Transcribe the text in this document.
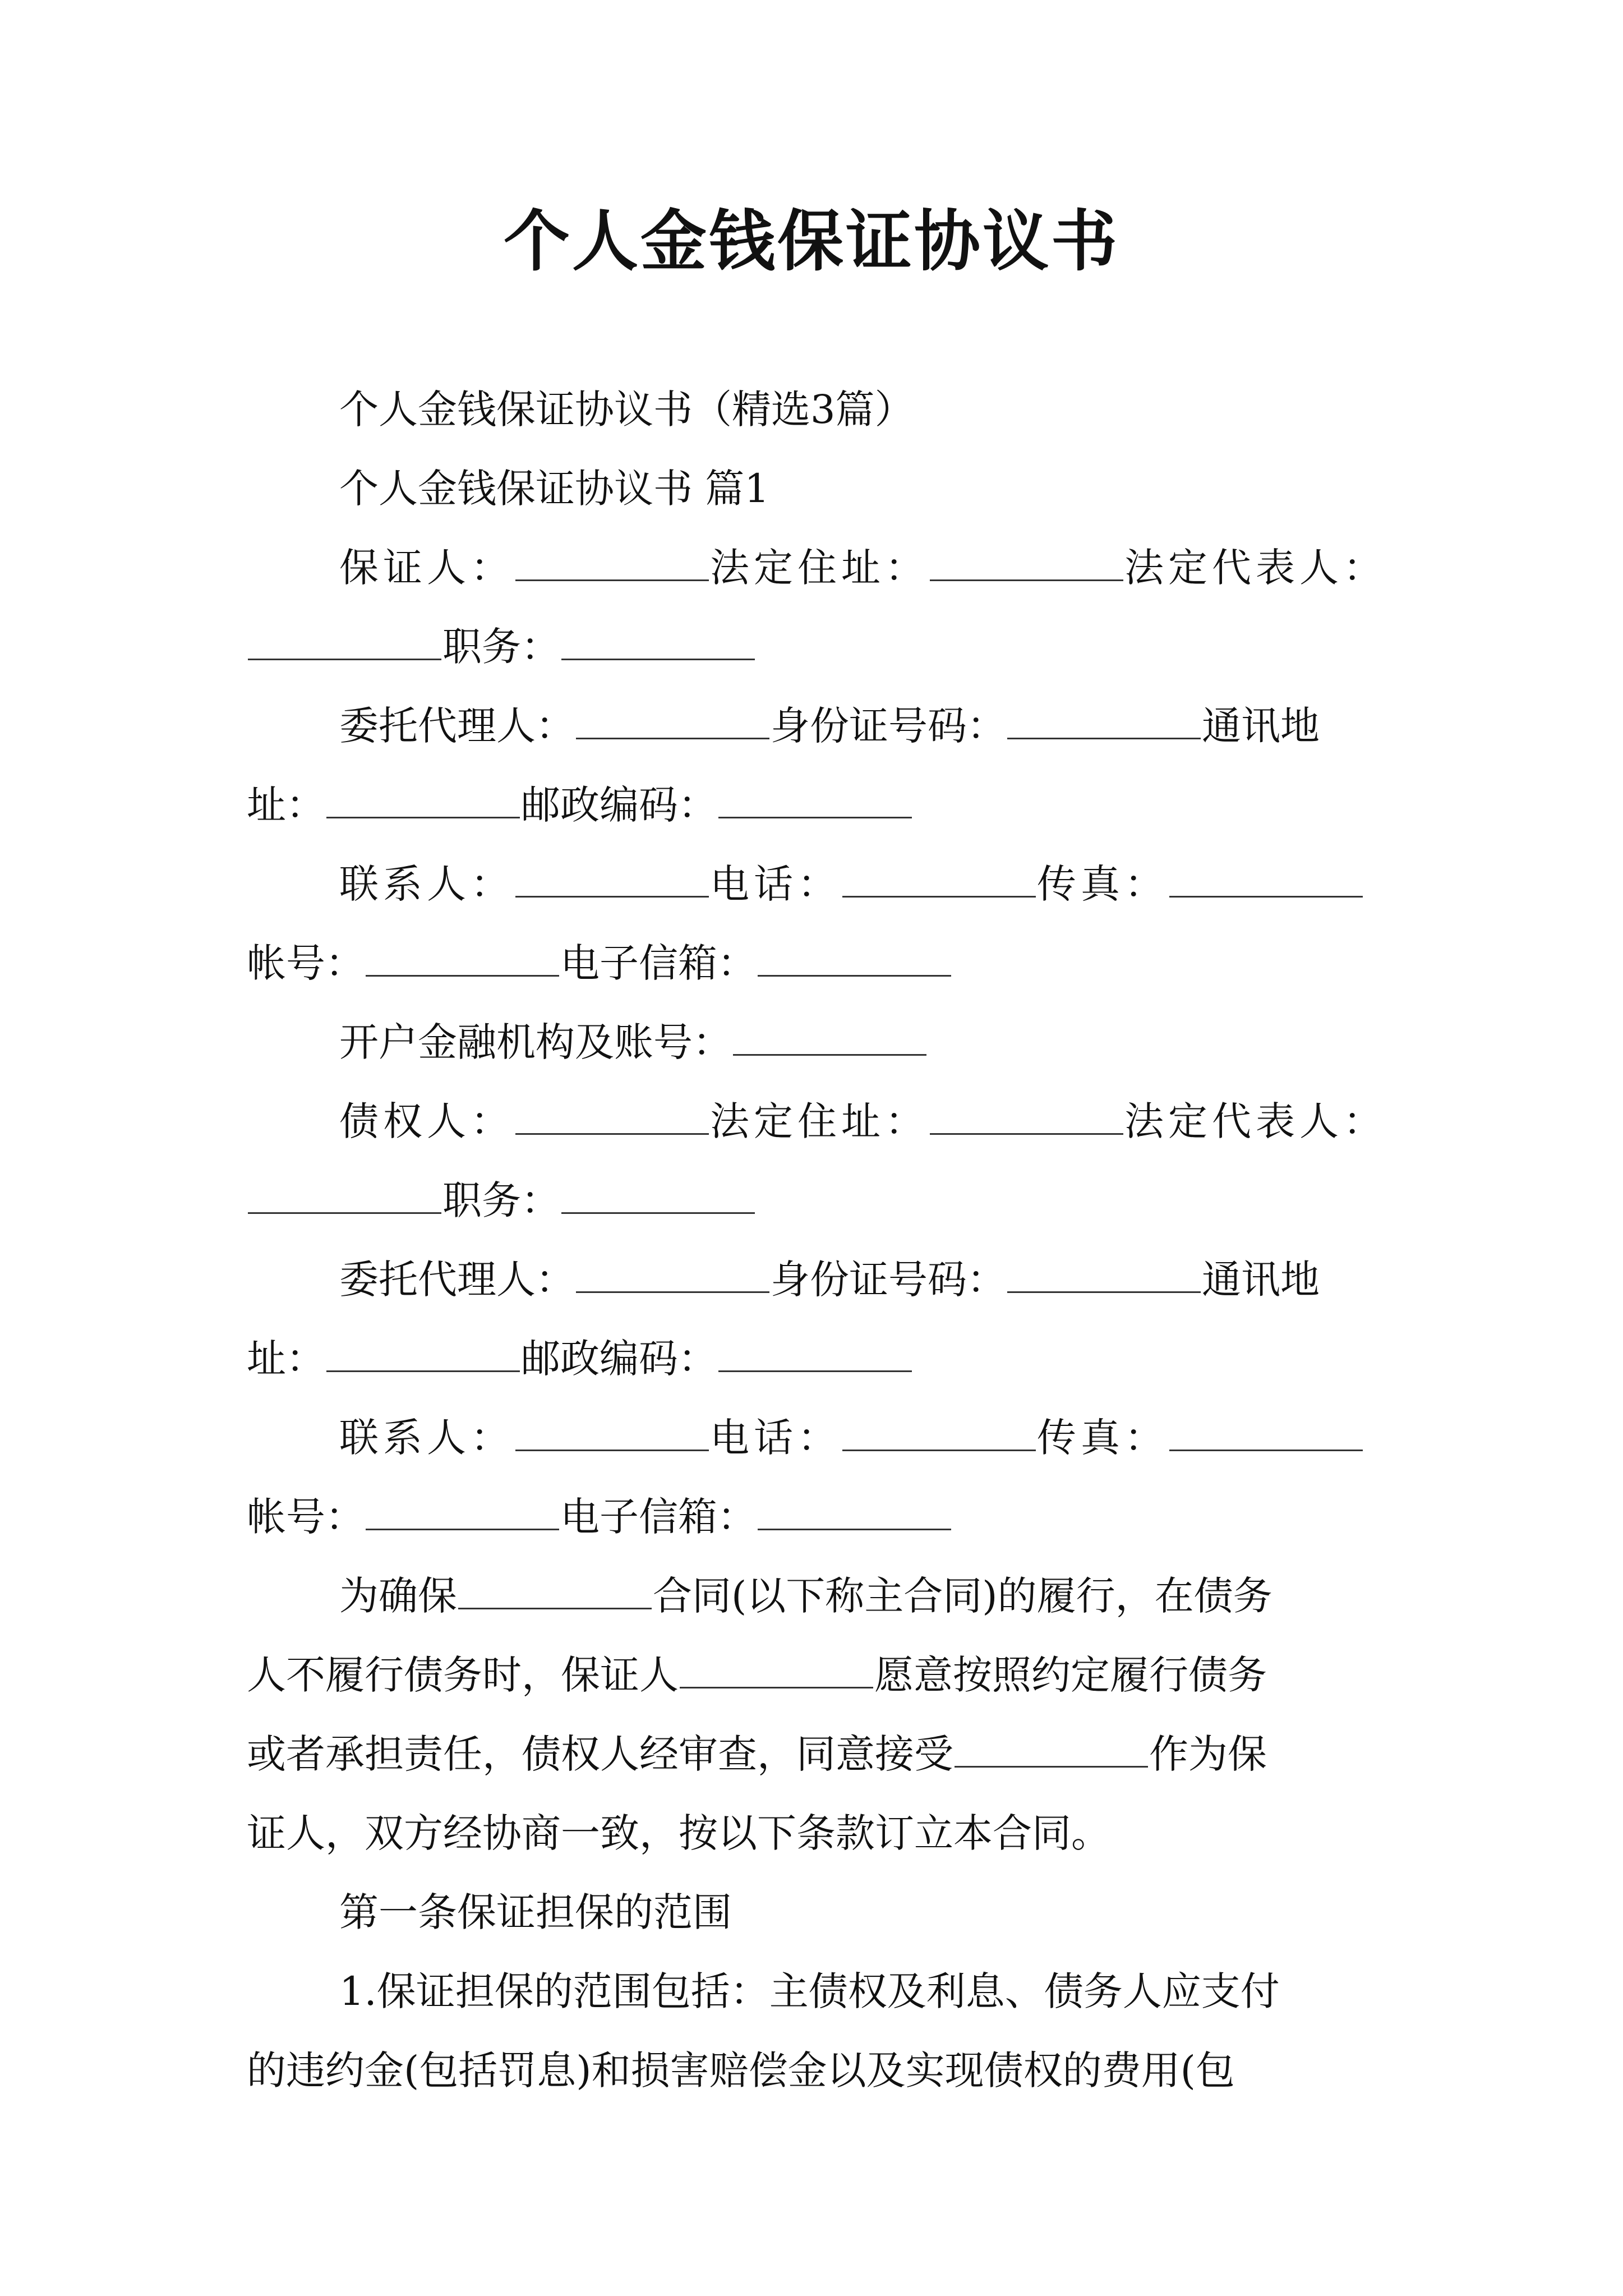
个人金钱保证协议书
个人金钱保证协议书（精选3篇）
个人金钱保证协议书 篇1
保证人：	法定住址：	法定代表人：
职务：
委托代理人：	身份证号码：	通讯地
址：	邮政编码：
联系人：	电话：	传真：
帐号：	电子信箱：
开户金融机构及账号：
债权人：	法定住址：	法定代表人：
职务：
委托代理人：	身份证号码：	通讯地
址：	邮政编码：
联系人：	电话：	传真：
帐号：	电子信箱：
为确保	合同(以下称主合同)的履行，在债务
人不履行债务时，保证人	愿意按照约定履行债务
或者承担责任，债权人经审查，同意接受	作为保
证人，双方经协商一致，按以下条款订立本合同。
第一条保证担保的范围
1.保证担保的范围包括：主债权及利息、债务人应支付
的违约金(包括罚息)和损害赔偿金以及实现债权的费用(包
